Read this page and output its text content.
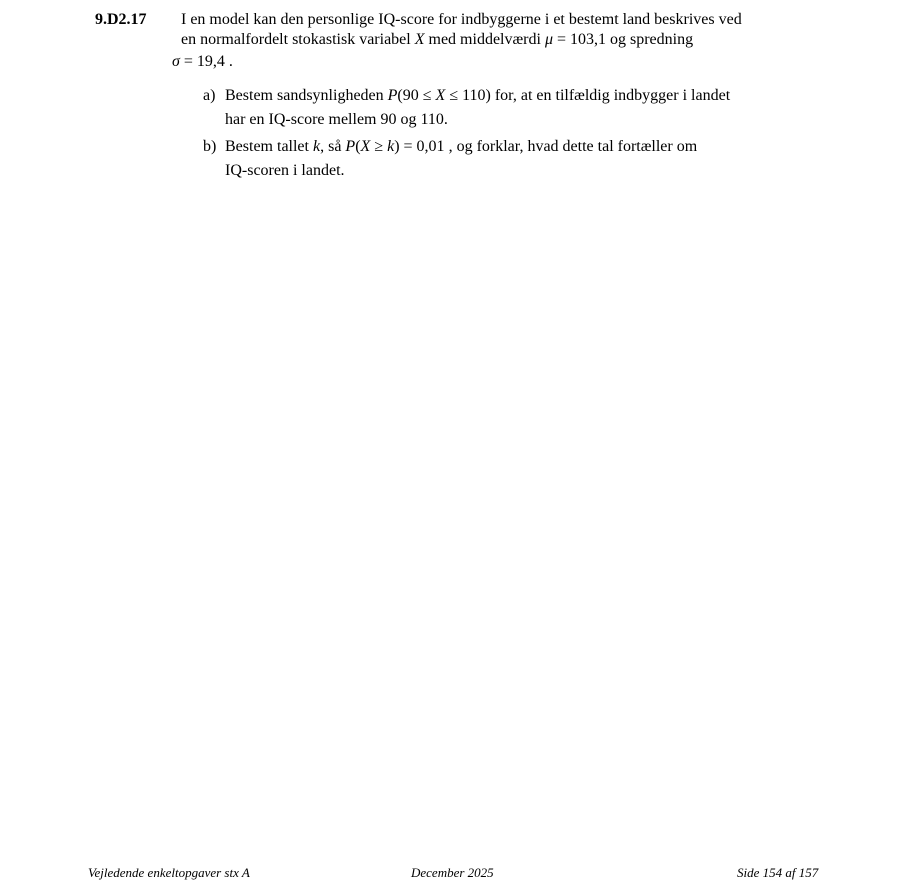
9.D2.17 I en model kan den personlige IQ-score for indbyggerne i et bestemt land beskrives ved
en normalfordelt stokastisk variabel X med middelværdi μ = 103,1 og spredning
σ = 19,4 .
a) Bestem sandsynligheden P(90 ≤ X ≤ 110) for, at en tilfældig indbygger i landet
har en IQ-score mellem 90 og 110.
b) Bestem tallet k, så P(X ≥ k) = 0,01 , og forklar, hvad dette tal fortæller om
IQ-scoren i landet.
Vejledende enkeltopgaver stx A	December 2025	Side 154 af 157
